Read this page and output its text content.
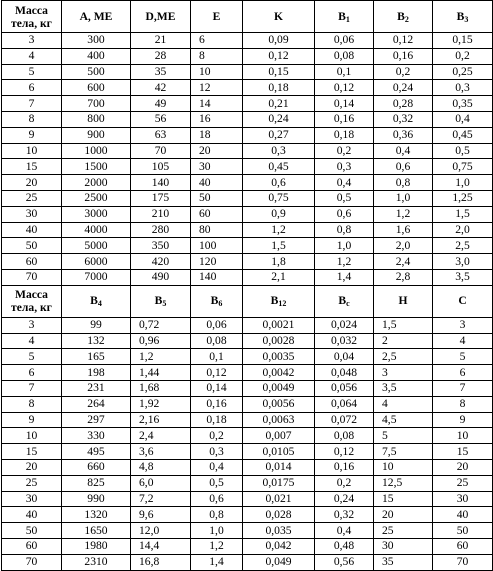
Масса тела, кг	A, ME	D,ME	E	K	$B_1$	$B_2$	$B_3$
3	300	21	6	0,09	0,06	0,12	0,15
4	400	28	8	0,12	0,08	0,16	0,2
5	500	35	10	0,15	0,1	0,2	0,25
6	600	42	12	0,18	0,12	0,24	0,3
7	700	49	14	0,21	0,14	0,28	0,35
8	800	56	16	0,24	0,16	0,32	0,4
9	900	63	18	0,27	0,18	0,36	0,45
10	1000	70	20	0,3	0,2	0,4	0,5
15	1500	105	30	0,45	0,3	0,6	0,75
20	2000	140	40	0,6	0,4	0,8	1,0
25	2500	175	50	0,75	0,5	1,0	1,25
30	3000	210	60	0,9	0,6	1,2	1,5
40	4000	280	80	1,2	0,8	1,6	2,0
50	5000	350	100	1,5	1,0	2,0	2,5
60	6000	420	120	1,8	1,2	2,4	3,0
70	7000	490	140	2,1	1,4	2,8	3,5
Масса тела, кг	$B_4$	$B_5$	$B_6$	$B_{12}$	$B_c$	H	C
3	99	0,72	0,06	0,0021	0,024	1,5	3
4	132	0,96	0,08	0,0028	0,032	2	4
5	165	1,2	0,1	0,0035	0,04	2,5	5
6	198	1,44	0,12	0,0042	0,048	3	6
7	231	1,68	0,14	0,0049	0,056	3,5	7
8	264	1,92	0,16	0,0056	0,064	4	8
9	297	2,16	0,18	0,0063	0,072	4,5	9
10	330	2,4	0,2	0,007	0,08	5	10
15	495	3,6	0,3	0,0105	0,12	7,5	15
20	660	4,8	0,4	0,014	0,16	10	20
25	825	6,0	0,5	0,0175	0,2	12,5	25
30	990	7,2	0,6	0,021	0,24	15	30
40	1320	9,6	0,8	0,028	0,32	20	40
50	1650	12,0	1,0	0,035	0,4	25	50
60	1980	14,4	1,2	0,042	0,48	30	60
70	2310	16,8	1,4	0,049	0,56	35	70
